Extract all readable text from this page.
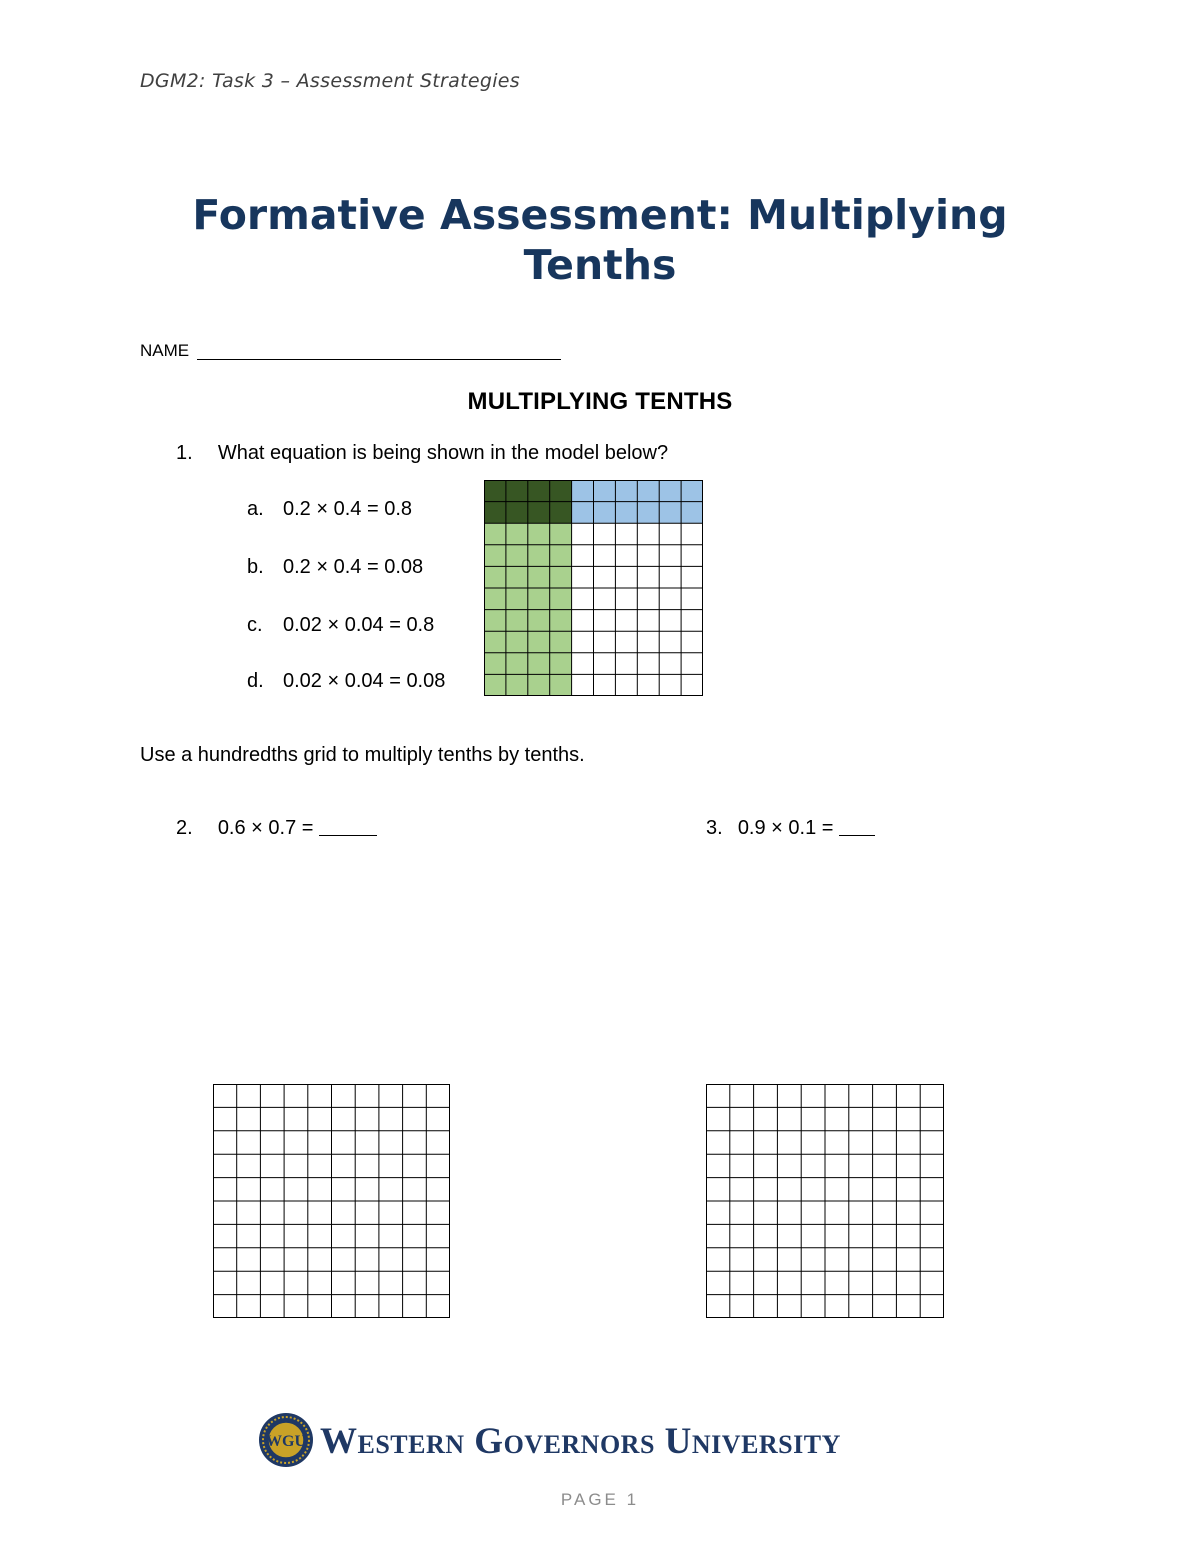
DGM2: Task 3 – Assessment Strategies
Formative Assessment: Multiplying
Tenths
NAME
MULTIPLYING TENTHS
1. What equation is being shown in the model below?
a. 0.2 × 0.4 = 0.8
b. 0.2 × 0.4 = 0.08
c. 0.02 × 0.04 = 0.8
d. 0.02 × 0.04 = 0.08
Use a hundredths grid to multiply tenths by tenths.
2. 0.6 × 0.7 =	3. 0.9 × 0.1 =
WGU Western Governors University
PAGE 1
